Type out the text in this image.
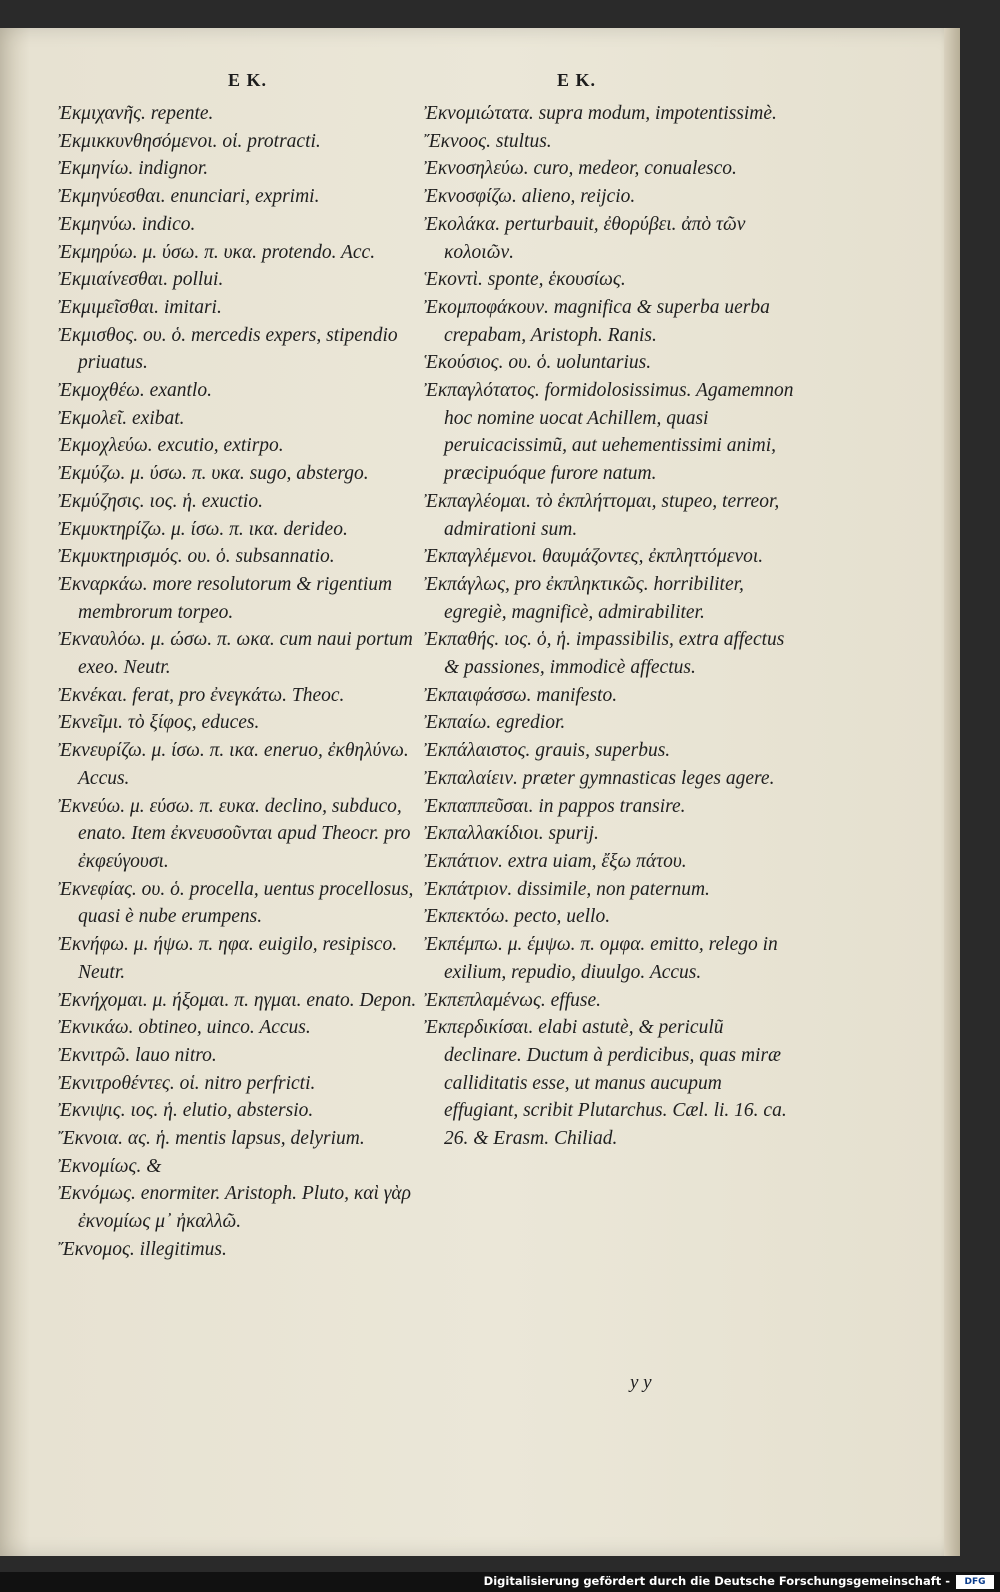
E K.	E K.
Ἐκμιχανῆς. repente.
Ἐκμικκυνθησόμενοι. οἱ. protracti.
Ἐκμηνίω. indignor.
Ἐκμηνύεσθαι. enunciari, exprimi.
Ἐκμηνύω. indico.
Ἐκμηρύω. μ. ύσω. π. υκα. protendo. Acc.
Ἐκμιαίνεσθαι. pollui.
Ἐκμιμεῖσθαι. imitari.
Ἐκμισθος. ου. ὁ. mercedis expers, stipendio priuatus.
Ἐκμοχθέω. exantlo.
Ἐκμολεῖ. exibat.
Ἐκμοχλεύω. excutio, extirpo.
Ἐκμύζω. μ. ύσω. π. υκα. sugo, abstergo.
Ἐκμύζησις. ιος. ἡ. exuctio.
Ἐκμυκτηρίζω. μ. ίσω. π. ικα. derideo.
Ἐκμυκτηρισμός. ου. ὁ. subsannatio.
Ἐκναρκάω. more resolutorum & rigentium membrorum torpeo.
Ἐκναυλόω. μ. ώσω. π. ωκα. cum naui portum exeo. Neutr.
Ἐκνέκαι. ferat, pro ἐνεγκάτω. Theoc.
Ἐκνεῖμι. τὸ ξίφος, educes.
Ἐκνευρίζω. μ. ίσω. π. ικα. eneruo, ἐκθηλύνω. Accus.
Ἐκνεύω. μ. εύσω. π. ευκα. declino, subduco, enato. Item ἐκνευσοῦνται apud Theocr. pro ἐκφεύγουσι.
Ἐκνεφίας. ου. ὁ. procella, uentus procellosus, quasi è nube erumpens.
Ἐκνήφω. μ. ήψω. π. ηφα. euigilo, resipisco. Neutr.
Ἐκνήχομαι. μ. ήξομαι. π. ηγμαι. enato. Depon.
Ἐκνικάω. obtineo, uinco. Accus.
Ἐκνιτρῶ. lauo nitro.
Ἐκνιτροθέντες. οἱ. nitro perfricti.
Ἐκνιψις. ιος. ἡ. elutio, abstersio.
Ἔκνοια. ας. ἡ. mentis lapsus, delyrium.
Ἐκνομίως. &
Ἐκνόμως. enormiter. Aristoph. Pluto, καὶ γὰρ ἐκνομίως μ᾽ ἠκαλλῶ.
Ἔκνομος. illegitimus.
Ἐκνομιώτατα. supra modum, impotentissimè.
Ἔκνοος. stultus.
Ἐκνοσηλεύω. curo, medeor, conualesco.
Ἐκνοσφίζω. alieno, reijcio.
Ἐκολάκα. perturbauit, ἐθορύβει. ἀπὸ τῶν κολοιῶν.
Ἑκοντὶ. sponte, ἑκουσίως.
Ἐκομποφάκουν. magnifica & superba uerba crepabam, Aristoph. Ranis.
Ἑκούσιος. ου. ὁ. uoluntarius.
Ἐκπαγλότατος. formidolosissimus. Agamemnon hoc nomine uocat Achillem, quasi peruicacissimũ, aut uehementissimi animi, præcipuóque furore natum.
Ἐκπαγλέομαι. τὸ ἐκπλήττομαι, stupeo, terreor, admirationi sum.
Ἐκπαγλέμενοι. θαυμάζοντες, ἐκπληττόμενοι.
Ἐκπάγλως, pro ἐκπληκτικῶς. horribiliter, egregiè, magnificè, admirabiliter.
Ἐκπαθής. ιος. ὁ, ἡ. impassibilis, extra affectus & passiones, immodicè affectus.
Ἐκπαιφάσσω. manifesto.
Ἐκπαίω. egredior.
Ἐκπάλαιστος. grauis, superbus.
Ἐκπαλαίειν. præter gymnasticas leges agere.
Ἐκπαππεῦσαι. in pappos transire.
Ἐκπαλλακίδιοι. spurij.
Ἐκπάτιον. extra uiam, ἔξω πάτου.
Ἐκπάτριον. dissimile, non paternum.
Ἐκπεκτόω. pecto, uello.
Ἐκπέμπω. μ. έμψω. π. ομφα. emitto, relego in exilium, repudio, diuulgo. Accus.
Ἐκπεπλαμένως. effuse.
Ἐκπερδικίσαι. elabi astutè, & periculũ declinare. Ductum à perdicibus, quas miræ calliditatis esse, ut manus aucupum effugiant, scribit Plutarchus. Cæl. li. 16. ca. 26. & Erasm. Chiliad.
y y
Digitalisierung gefördert durch die Deutsche Forschungsgemeinschaft -	DFG
